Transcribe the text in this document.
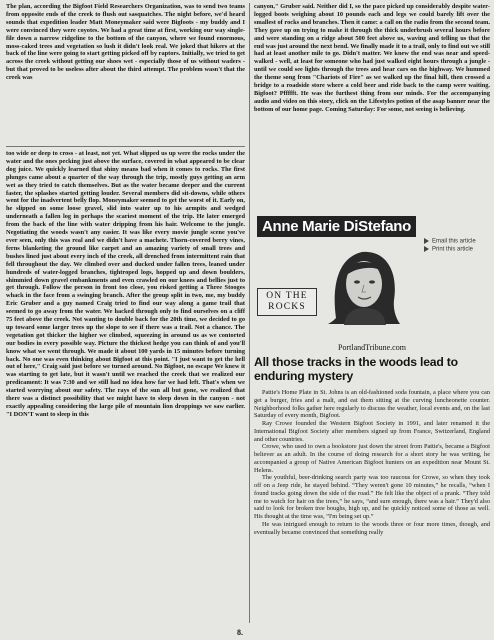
The plan, according the Bigfoot Field Researchers Organization, was to send two teams from opposite ends of the creek to flush out sasquatches. The night before, we'd heard sounds that expedition leader Matt Moneymaker said were Bigfoots - my buddy and I were convinced they were coyotes. We had a great time at first, working our way single-file down a narrow ridgeline to the bottom of the canyon, where we found enormous, moss-caked trees and vegetation so lush it didn't look real. We joked that hikers at the back of the line were going to start getting picked off by raptors. Initially, we tried to get across the creek without getting our shoes wet - especially those of us without waders - but that proved to be useless after about the third attempt. The problem wasn't that the creek was

too wide or deep to cross - at least, not yet. What slipped us up were the rocks under the water and the ones pecking just above the surface, covered in what appeared to be clear dog juice. We quickly learned that shiny means bad when it comes to rocks. The first plunges came about a quarter of the way through the trip, mostly guys getting an arm wet as they tried to catch themselves. But as the water became deeper and the current faster, the splashes started getting louder. Several members did sit-downs, while others went for the inadvertent belly flop. Moneymaker seemed to get the worst of it. Early on, he slipped on some loose gravel, slid into water up to his armpits and wedged underneath a fallen log in perhaps the scariest moment of the trip. He later emerged from the back of the line with water dripping from his hair. Welcome to the jungle. Negotiating the woods wasn't any easier. It was like every movie jungle scene you've ever seen, only this was real and we didn't have a machete. Thorn-covered berry vines, ferns blanketing the ground like carpet and an amazing variety of small trees and bushes lined just about every inch of the creek, all drenched from intermittent rain that fell throughout the day. We climbed over and ducked under fallen trees, leaned under hundreds of water-logged branches, tightroped logs, hopped up and down boulders, shimmied down gravel embankments and even crawled on our knees and bellies just to get through. Follow the person in front too close, you risked getting a Three Stooges whack in the face from a swinging branch. After the group split in two, me, my buddy Eric Gruber and a guy named Craig tried to find our way along a game trail that seemed to go away from the water. We hacked through only to find ourselves on a cliff 75 feet above the creek. Not wanting to double back for the 20th time, we decided to go up toward some larger trees up the slope to see if there was a trail. Not a chance. The vegetation got thicker the higher we climbed, squeezing in around us as we contorted our bodies in every possible way. Picture the thickest hedge you can think of and you'll know what we went through. We made it about 100 yards in 15 minutes before turning back. No one was even thinking about Bigfoot at this point. "I just want to get the hell out of here," Craig said just before we turned around. No Bigfoot, no escape We knew it was starting to get late, but it wasn't until we reached the creek that we realized our predicament: It was 7:30 and we still had no idea how far we had left. That's when we started worrying about our safety. The rays of the sun all but gone, we realized that there was a distinct possibility that we might have to sleep down in the canyon - not exactly appealing considering the large pile of mountain lion droppings we saw earlier. "I DON'T want to sleep in this

canyon," Gruber said. Neither did I, so the pace picked up considerably despite water-logged boots weighing about 10 pounds each and legs we could barely lift over the smallest of rocks and branches. Then it came: a call on the radio from the second team. They gave up on trying to make it through the thick underbrush several hours before and were standing on a ridge about 500 feet above us, waving and telling us that the end was just around the next bend. We finally made it to a trail, only to find out we still had at least another mile to go. Didn't matter. We knew the end was near and speed-walked - well, at least for someone who had just walked eight hours through a jungle - until we could see lights through the trees and hear cars on the highway. We hummed the theme song from "Chariots of Fire" as we walked up the final hill, then crossed a bridge to a roadside store where a cold beer and ride back to the camp were waiting. Bigfoot? Pffffft. He was the furthest thing from our minds. For the accompanying audio and video on this story, click on the Lifestyles potion of the asap banner near the bottom of our home page. Coming Saturday: For some, not seeing is believing.

Anne Marie DiStefano
Email this article
Print this article
ON THE
ROCKS
PortlandTribune.com
All those tracks in the woods lead to enduring mystery

Pattie's Home Plate in St. Johns is an old-fashioned soda fountain, a place where you can get a burger, fries and a malt, and eat them sitting at the curving luncheonette counter. Neighborhood folks gather here regularly to discuss the weather, local events and, on the last Saturday of every month, Bigfoot.

Ray Crowe founded the Western Bigfoot Society in 1991, and later renamed it the International Bigfoot Society after members signed up from France, Switzerland, England and other countries.

Crowe, who used to own a bookstore just down the street from Pattie's, became a Bigfoot believer as an adult. In the course of doing research for a short story he was writing, he accompanied a group of Native American Bigfoot hunters on an expedition near Mount St. Helens.

The youthful, beer-drinking search party was too raucous for Crowe, so when they took off on a Jeep ride, he stayed behind. “They weren't gone 10 minutes,” he recalls, “when I found tracks going down the side of the road.” He felt like the object of a prank. “They told me to watch for hair on the trees,” he says, “and sure enough, there was a hair.” They'd also said to look for broken tree boughs, high up, and he quickly noticed some of those as well. His thought at the time was, “I'm being set up.”

He was intrigued enough to return to the woods three or four more times, though, and eventually became convinced that something really

8.
